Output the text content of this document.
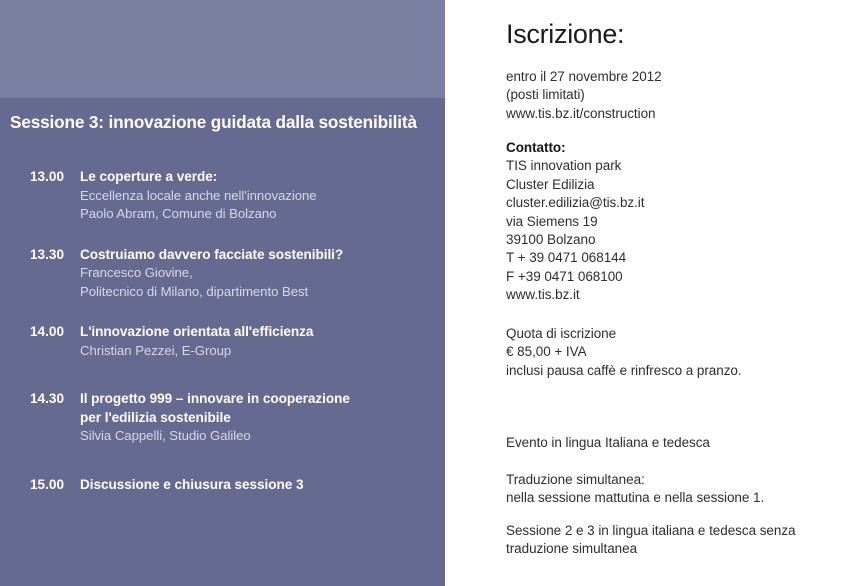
Sessione 3: innovazione guidata dalla sostenibilità
13.00	Le coperture a verde:
Eccellenza locale anche nell'innovazione
Paolo Abram, Comune di Bolzano
13.30	Costruiamo davvero facciate sostenibili?
Francesco Giovine,
Politecnico di Milano, dipartimento Best
14.00	L'innovazione orientata all'efficienza
Christian Pezzei, E-Group
14.30	Il progetto 999 – innovare in cooperazione
per l'edilizia sostenibile
Silvia Cappelli, Studio Galileo
15.00	Discussione e chiusura sessione 3
Iscrizione:
entro il 27 novembre 2012
(posti limitati)
www.tis.bz.it/construction
Contatto:
TIS innovation park
Cluster Edilizia
cluster.edilizia@tis.bz.it
via Siemens 19
39100 Bolzano
T + 39 0471 068144
F +39 0471 068100
www.tis.bz.it
Quota di iscrizione
€ 85,00 + IVA
inclusi pausa caffè e rinfresco a pranzo.
Evento in lingua Italiana e tedesca
Traduzione simultanea:
nella sessione mattutina e nella sessione 1.
Sessione 2 e 3 in lingua italiana e tedesca senza
traduzione simultanea
